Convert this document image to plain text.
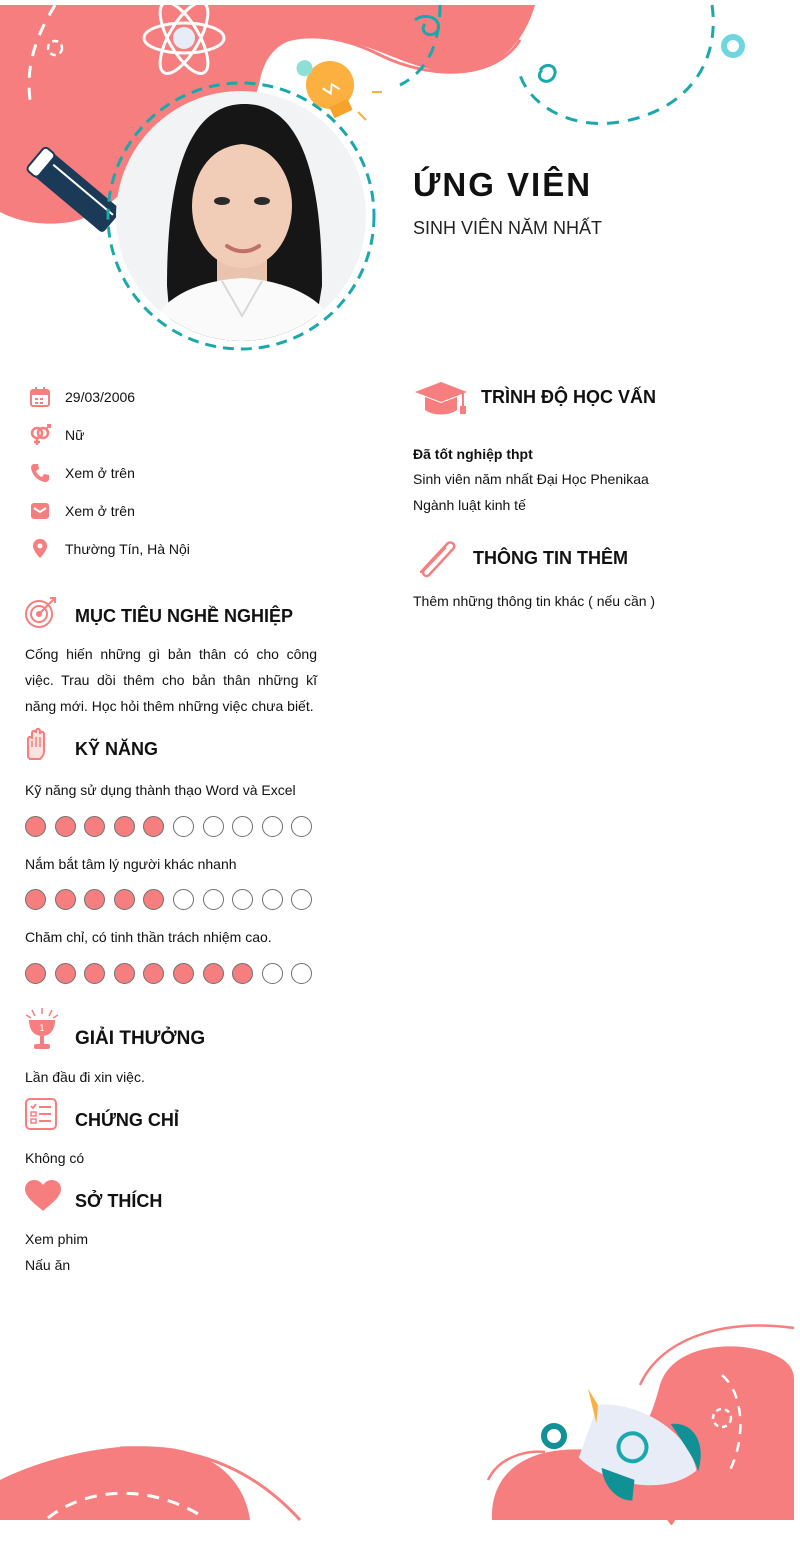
ỨNG VIÊN
SINH VIÊN NĂM NHẤT
29/03/2006
Nữ
Xem ở trên
Xem ở trên
Thường Tín, Hà Nội
MỤC TIÊU NGHỀ NGHIỆP
Cống hiến những gì bản thân có cho công việc. Trau dồi thêm cho bản thân những kĩ năng mới. Học hỏi thêm những việc chưa biết.
KỸ NĂNG
Kỹ năng sử dụng thành thạo Word và Excel
Nắm bắt tâm lý người khác nhanh
Chăm chỉ, có tinh thần trách nhiệm cao.
1 GIẢI THƯỞNG
Lần đầu đi xin việc.
CHỨNG CHỈ
Không có
SỞ THÍCH
Xem phim
Nấu ăn
TRÌNH ĐỘ HỌC VẤN
Đã tốt nghiệp thpt
Sinh viên năm nhất Đại Học Phenikaa
Ngành luật kinh tế
THÔNG TIN THÊM
Thêm những thông tin khác ( nếu cần )
